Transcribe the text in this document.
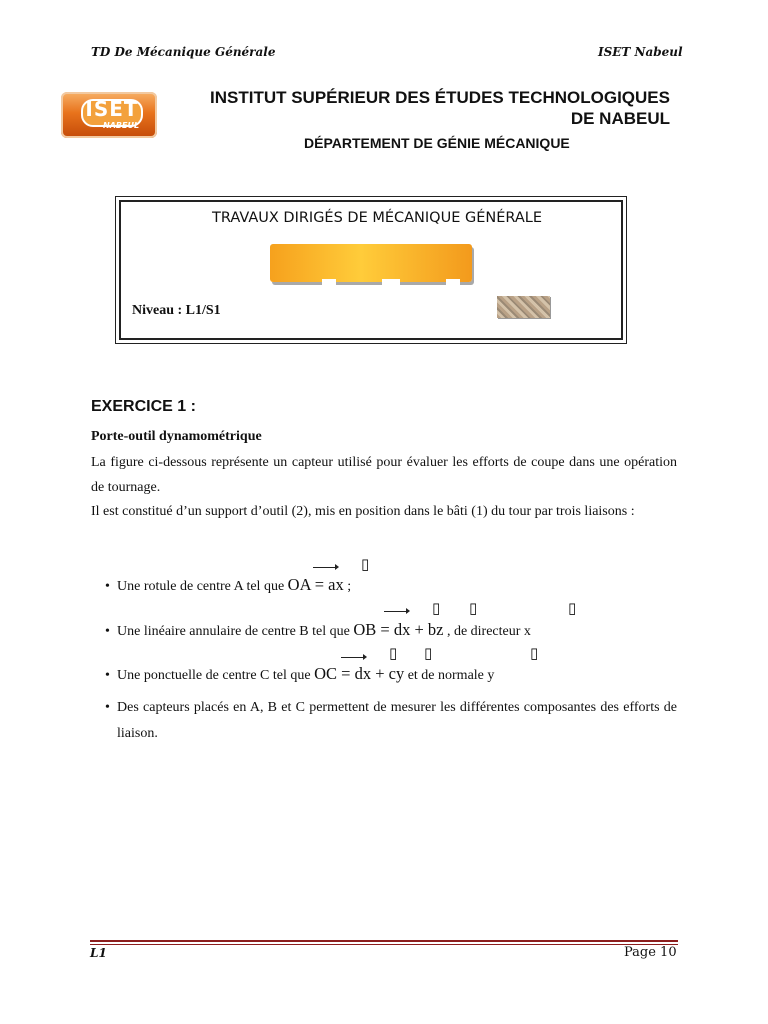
TD De Mécanique Générale	ISET Nabeul
ISET
NABEUL
INSTITUT SUPÉRIEUR DES ÉTUDES TECHNOLOGIQUES
DE NABEUL
DÉPARTEMENT DE GÉNIE MÉCANIQUE
TRAVAUX DIRIGÉS DE MÉCANIQUE GÉNÉRALE
Niveau : L1/S1
EXERCICE 1 :
Porte-outil dynamométrique
La figure ci-dessous représente un capteur utilisé pour évaluer les efforts de coupe dans une opération de tournage.
Il est constitué d’un support d’outil (2), mis en position dans le bâti (1) du tour par trois liaisons :
▯
▯ ▯	▯
▯ ▯	▯
• Une rotule de centre A tel que OA = ax ;
• Une linéaire annulaire de centre B tel que OB = dx + bz , de directeur x
• Une ponctuelle de centre C tel que OC = dx + cy et de normale y
• Des capteurs placés en A, B et C permettent de mesurer les différentes composantes des efforts de liaison.
L1	Page 10
